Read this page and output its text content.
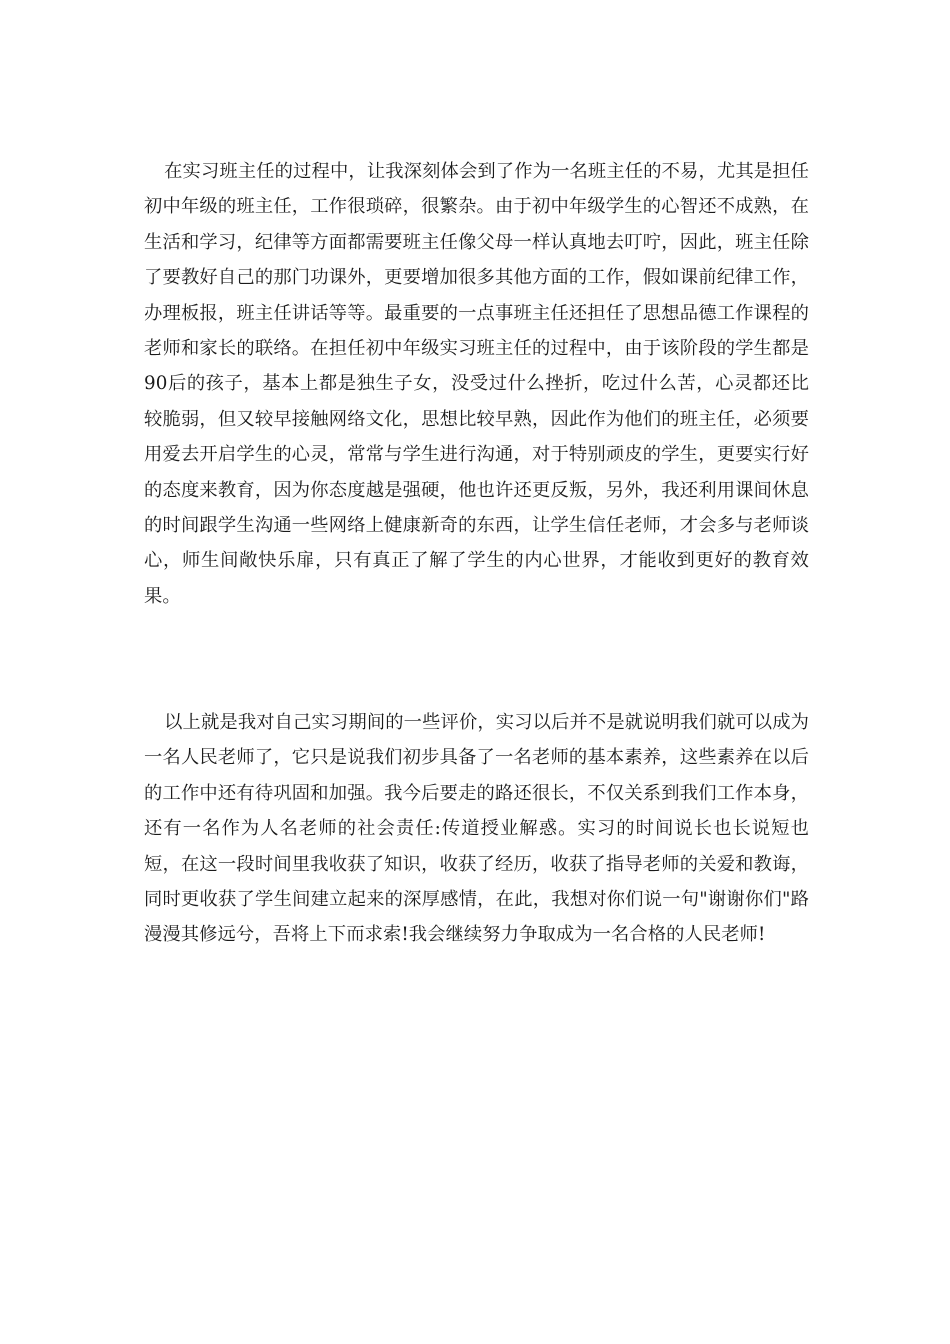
在实习班主任的过程中，让我深刻体会到了作为一名班主任的不易，尤其是担任初中年级的班主任，工作很琐碎，很繁杂。由于初中年级学生的心智还不成熟，在生活和学习，纪律等方面都需要班主任像父母一样认真地去叮咛，因此，班主任除了要教好自己的那门功课外，更要增加很多其他方面的工作，假如课前纪律工作，办理板报，班主任讲话等等。最重要的一点事班主任还担任了思想品德工作课程的老师和家长的联络。在担任初中年级实习班主任的过程中，由于该阶段的学生都是90后的孩子，基本上都是独生子女，没受过什么挫折，吃过什么苦，心灵都还比较脆弱，但又较早接触网络文化，思想比较早熟，因此作为他们的班主任，必须要用爱去开启学生的心灵，常常与学生进行沟通，对于特别顽皮的学生，更要实行好的态度来教育，因为你态度越是强硬，他也许还更反叛，另外，我还利用课间休息的时间跟学生沟通一些网络上健康新奇的东西，让学生信任老师，才会多与老师谈心，师生间敞快乐扉，只有真正了解了学生的内心世界，才能收到更好的教育效果。

以上就是我对自己实习期间的一些评价，实习以后并不是就说明我们就可以成为一名人民老师了，它只是说我们初步具备了一名老师的基本素养，这些素养在以后的工作中还有待巩固和加强。我今后要走的路还很长，不仅关系到我们工作本身，还有一名作为人名老师的社会责任:传道授业解惑。实习的时间说长也长说短也短，在这一段时间里我收获了知识，收获了经历，收获了指导老师的关爱和教诲，同时更收获了学生间建立起来的深厚感情，在此，我想对你们说一句"谢谢你们"路漫漫其修远兮，吾将上下而求索!我会继续努力争取成为一名合格的人民老师!
